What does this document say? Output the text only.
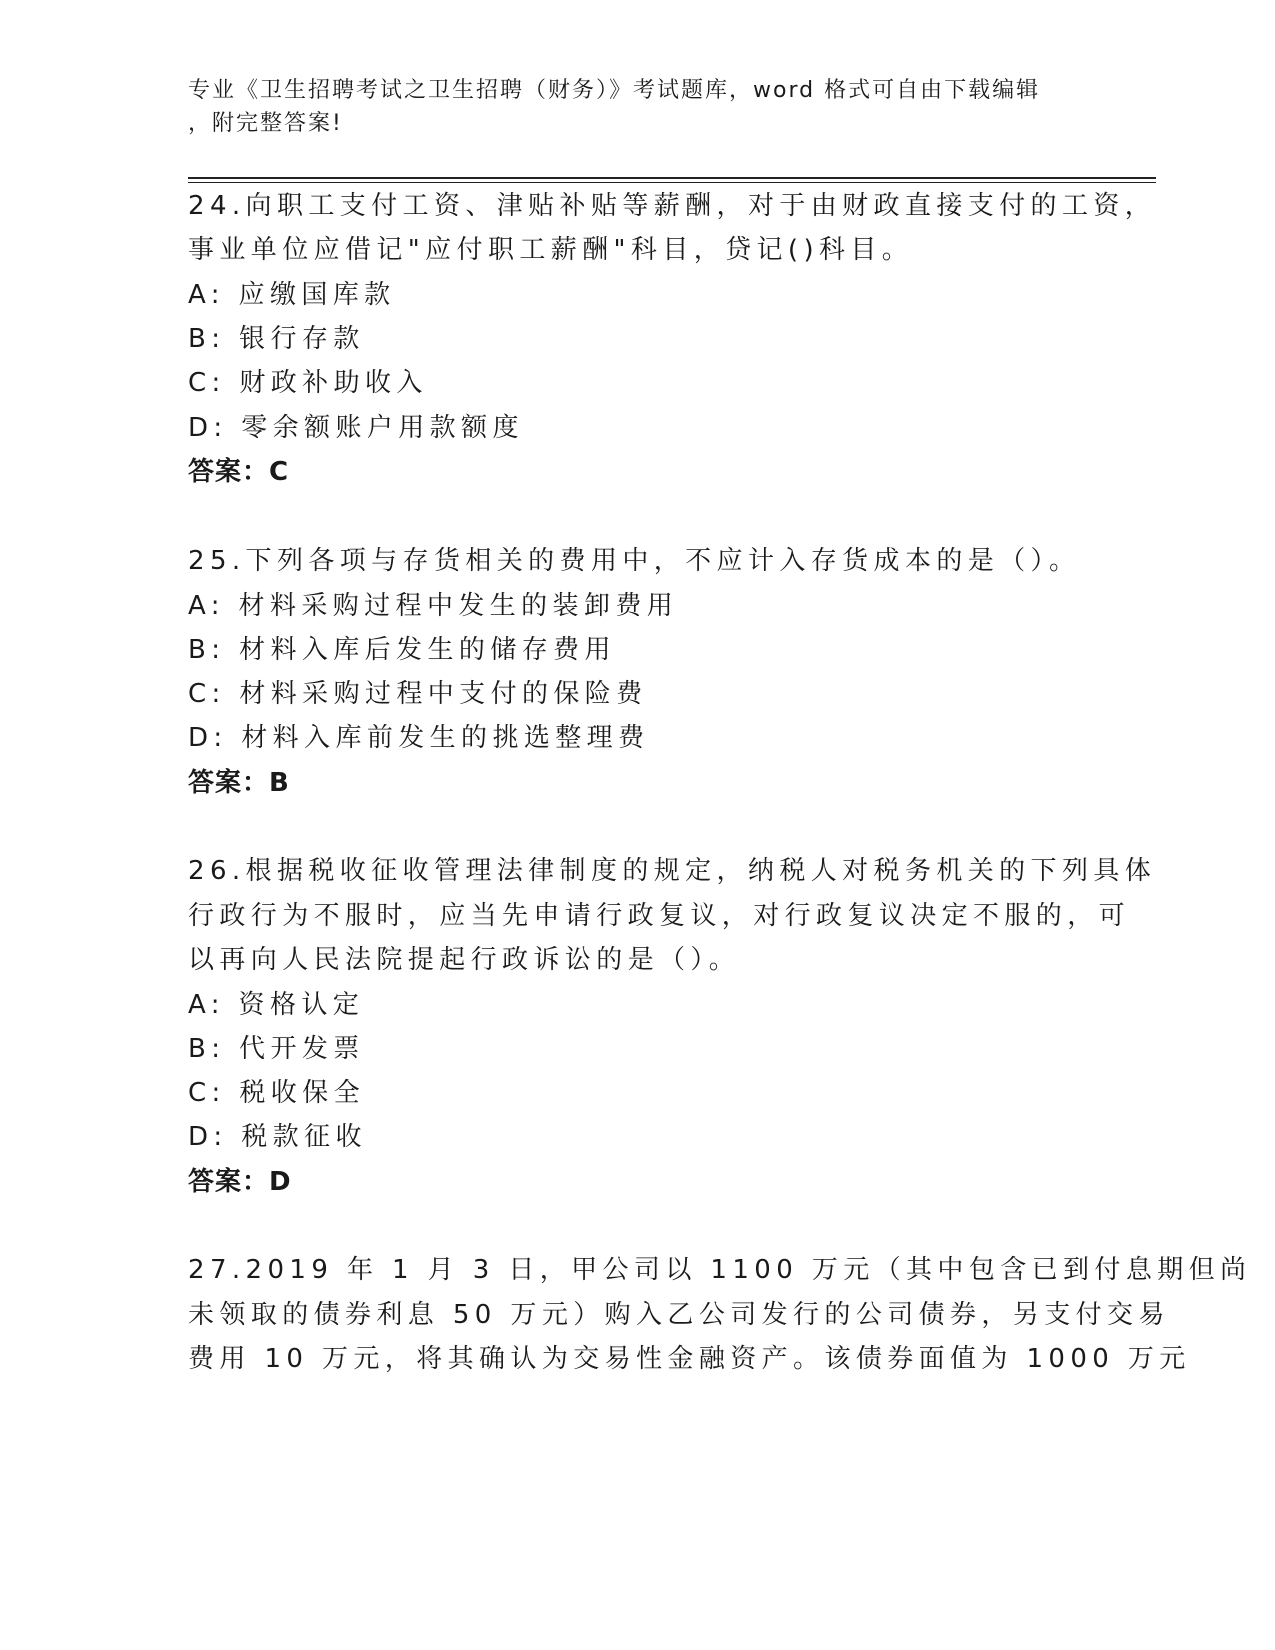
专业《卫生招聘考试之卫生招聘（财务）》考试题库，word 格式可自由下载编辑
，附完整答案!
24.向职工支付工资、津贴补贴等薪酬，对于由财政直接支付的工资，
事业单位应借记"应付职工薪酬"科目，贷记()科目。
A: 应缴国库款
B: 银行存款
C: 财政补助收入
D: 零余额账户用款额度
答案：C
25.下列各项与存货相关的费用中，不应计入存货成本的是（）。
A: 材料采购过程中发生的装卸费用
B: 材料入库后发生的储存费用
C: 材料采购过程中支付的保险费
D: 材料入库前发生的挑选整理费
答案：B
26.根据税收征收管理法律制度的规定，纳税人对税务机关的下列具体
行政行为不服时，应当先申请行政复议，对行政复议决定不服的，可
以再向人民法院提起行政诉讼的是（）。
A: 资格认定
B: 代开发票
C: 税收保全
D: 税款征收
答案：D
27.2019 年 1 月 3 日，甲公司以 1100 万元（其中包含已到付息期但尚
未领取的债券利息 50 万元）购入乙公司发行的公司债券，另支付交易
费用 10 万元，将其确认为交易性金融资产。该债券面值为 1000 万元
